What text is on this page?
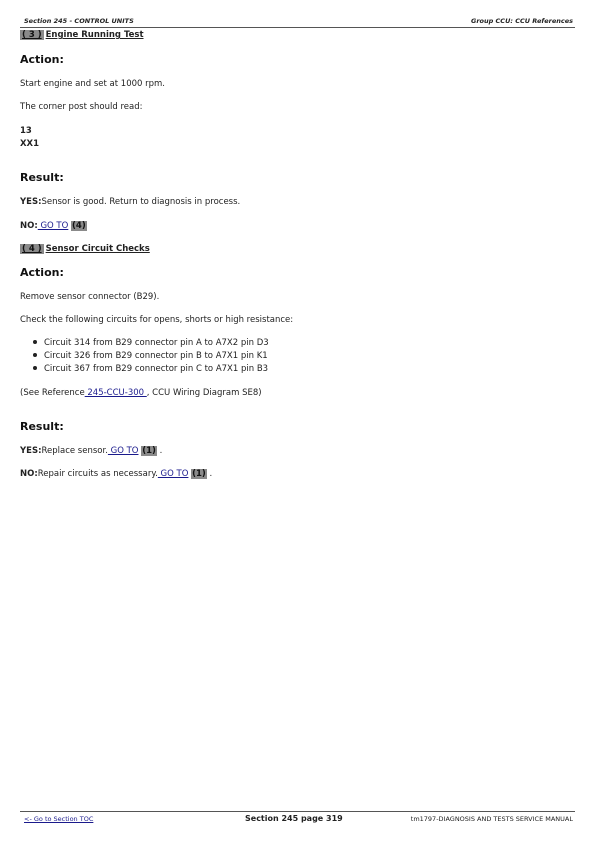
Section 245 - CONTROL UNITS	Group CCU: CCU References
( 3 ) Engine Running Test
Action:
Start engine and set at 1000 rpm.
The corner post should read:
13
XX1
Result:
YES:Sensor is good. Return to diagnosis in process.
NO: GO TO (4)
( 4 ) Sensor Circuit Checks
Action:
Remove sensor connector (B29).
Check the following circuits for opens, shorts or high resistance:
Circuit 314 from B29 connector pin A to A7X2 pin D3
Circuit 326 from B29 connector pin B to A7X1 pin K1
Circuit 367 from B29 connector pin C to A7X1 pin B3
(See Reference 245-CCU-300 , CCU Wiring Diagram SE8)
Result:
YES:Replace sensor. GO TO (1) .
NO:Repair circuits as necessary. GO TO (1) .
<- Go to Section TOC	Section 245 page 319	tm1797-DIAGNOSIS AND TESTS SERVICE MANUAL
